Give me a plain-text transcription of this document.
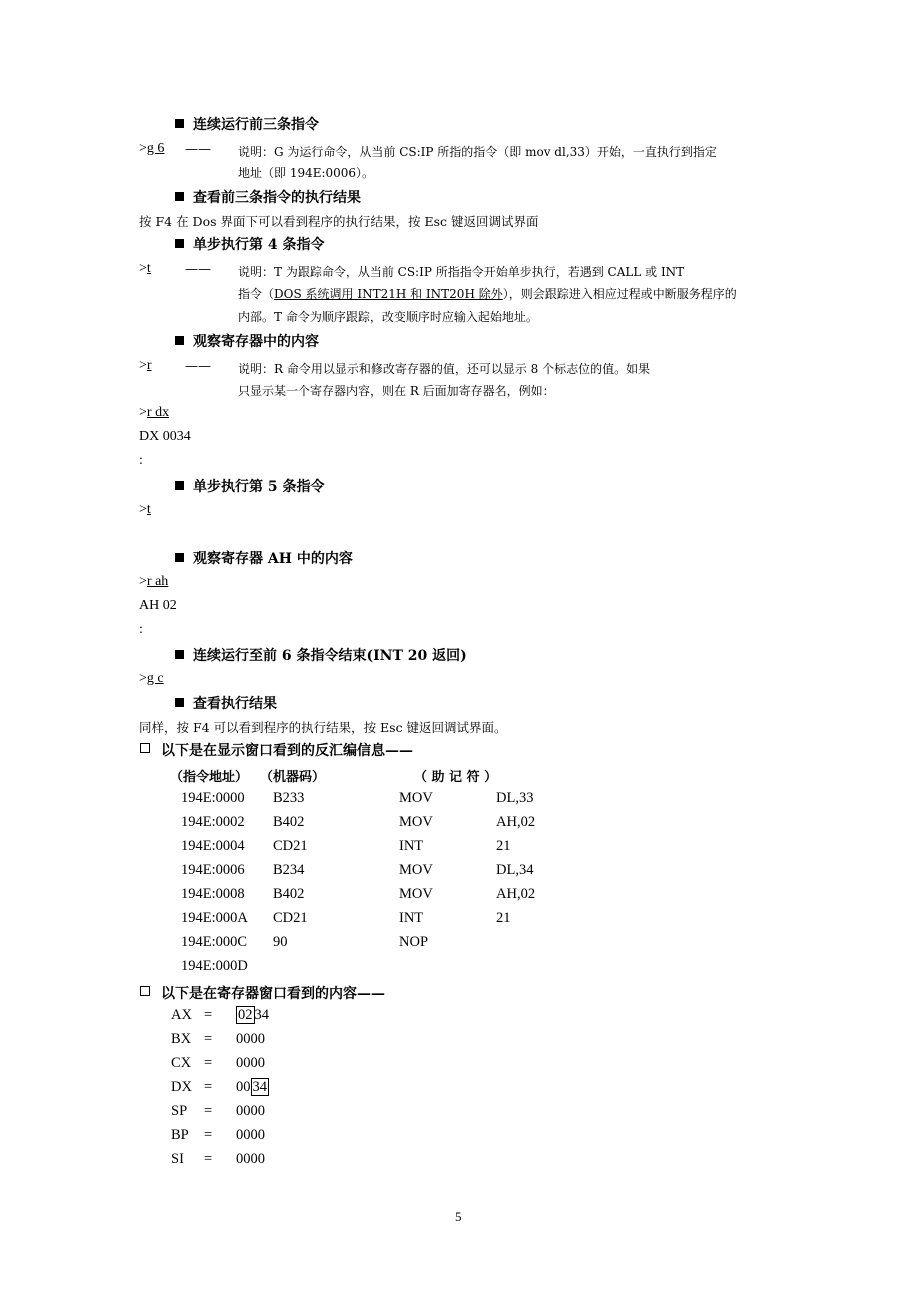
连续运行前三条指令
>g 6 —— 说明：G 为运行命令，从当前 CS:IP 所指的指令（即 mov dl,33）开始，一直执行到指定
地址（即 194E:0006）。
查看前三条指令的执行结果
按 F4 在 Dos 界面下可以看到程序的执行结果，按 Esc 键返回调试界面
单步执行第 4 条指令
>t	—— 说明：T 为跟踪命令，从当前 CS:IP 所指指令开始单步执行，若遇到 CALL 或 INT
指令（DOS 系统调用 INT21H 和 INT20H 除外），则会跟踪进入相应过程或中断服务程序的
内部。T 命令为顺序跟踪，改变顺序时应输入起始地址。
观察寄存器中的内容
>r	—— 说明：R 命令用以显示和修改寄存器的值，还可以显示 8 个标志位的值。如果
只显示某一个寄存器内容，则在 R 后面加寄存器名，例如：
>r dx
DX 0034
:
单步执行第 5 条指令
>t
观察寄存器 AH 中的内容
>r ah
AH 02
:
连续运行至前 6 条指令结束(INT 20 返回)
>g c
查看执行结果
同样，按 F4 可以看到程序的执行结果，按 Esc 键返回调试界面。
以下是在显示窗口看到的反汇编信息——
（指令地址） （机器码）	（ 助 记 符 ）
194E:0000 B233	MOV	DL,33
194E:0002 B402	MOV	AH,02
194E:0004 CD21	INT	21
194E:0006 B234	MOV	DL,34
194E:0008 B402	MOV	AH,02
194E:000A CD21	INT	21
194E:000C 90	NOP
194E:000D
以下是在寄存器窗口看到的内容——
AX = 02 34
BX = 0000
CX = 0000
DX = 00 34
SP = 0000
BP = 0000
SI = 0000
5
